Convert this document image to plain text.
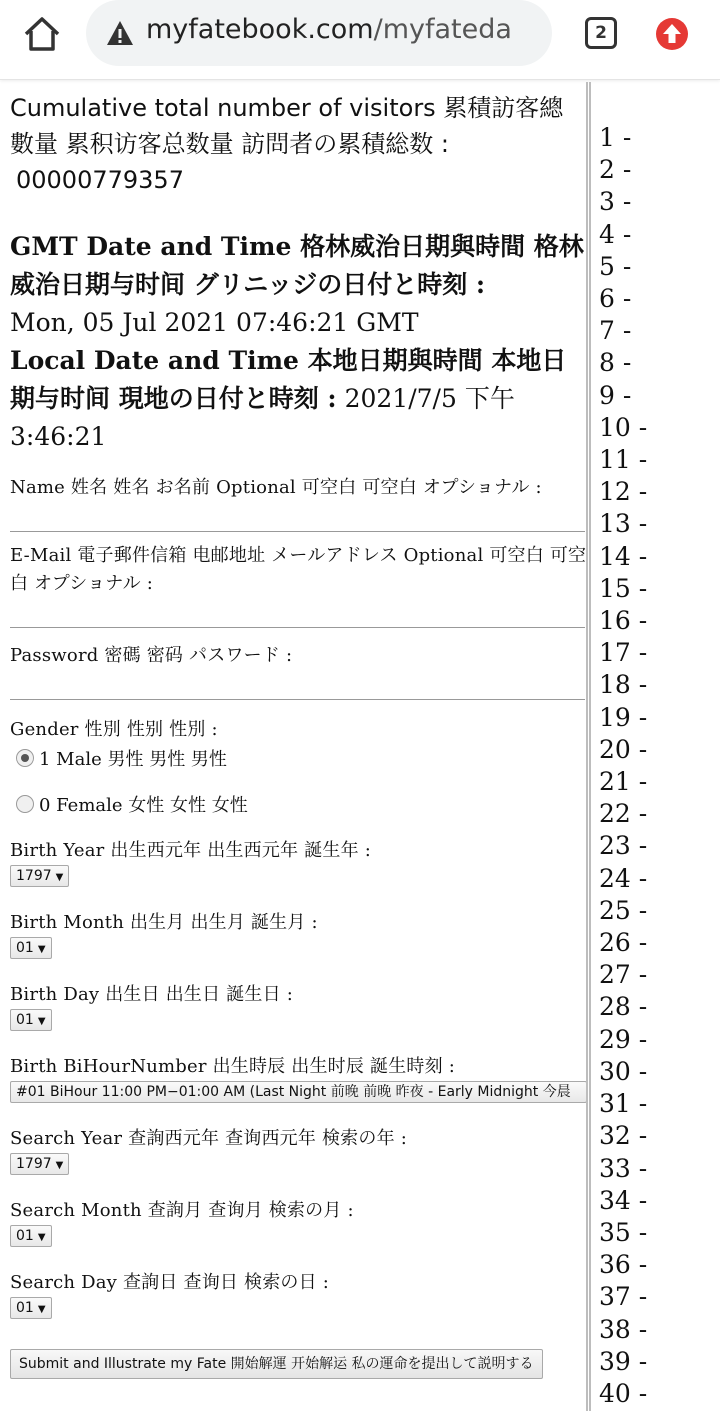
myfatebook.com/myfateda	2
Cumulative total number of visitors 累積訪客總數量 累积访客总数量 訪問者の累積総数 :
00000779357
GMT Date and Time 格林威治日期與時間 格林威治日期与时间 グリニッジの日付と時刻 :
Mon, 05 Jul 2021 07:46:21 GMT
Local Date and Time 本地日期與時間 本地日期与时间 現地の日付と時刻 : 2021/7/5 下午3:46:21
Name 姓名 姓名 お名前 Optional 可空白 可空白 オプショナル :
E-Mail 電子郵件信箱 电邮地址 メールアドレス Optional 可空白 可空白 オプショナル :
Password 密碼 密码 パスワード :
Gender 性別 性别 性別 :
1 Male 男性 男性 男性
0 Female 女性 女性 女性
Birth Year 出生西元年 出生西元年 誕生年 :
1797 ▼
Birth Month 出生月 出生月 誕生月 :
01 ▼
Birth Day 出生日 出生日 誕生日 :
01 ▼
Birth BiHourNumber 出生時辰 出生时辰 誕生時刻 :
#01 BiHour 11:00 PM−01:00 AM (Last Night 前晚 前晚 昨夜 - Early Midnight 今晨
Search Year 查詢西元年 查询西元年 検索の年 :
1797 ▼
Search Month 查詢月 查询月 検索の月 :
01 ▼
Search Day 查詢日 查询日 検索の日 :
01 ▼
Submit and Illustrate my Fate 開始解運 开始解运 私の運命を提出して説明する
1 -
2 -
3 -
4 -
5 -
6 -
7 -
8 -
9 -
10 -
11 -
12 -
13 -
14 -
15 -
16 -
17 -
18 -
19 -
20 -
21 -
22 -
23 -
24 -
25 -
26 -
27 -
28 -
29 -
30 -
31 -
32 -
33 -
34 -
35 -
36 -
37 -
38 -
39 -
40 -
